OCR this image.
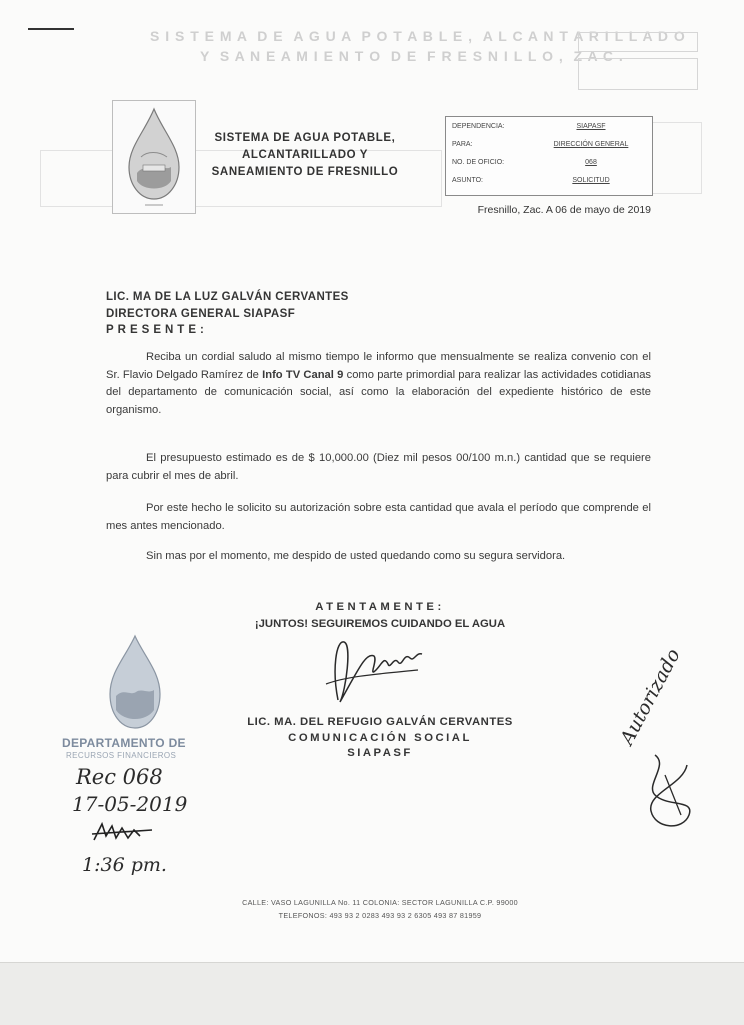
S I S T E M A  D E  A G U A  P O T A B L E ,  A L C A N T A R I L L A D O
Y  S A N E A M I E N T O  D E  F R E S N I L L O ,  Z A C .
SISTEMA DE AGUA POTABLE,
ALCANTARILLADO Y
SANEAMIENTO DE FRESNILLO
DEPENDENCIA:	SIAPASF
PARA:	DIRECCIÓN GENERAL
NO. DE OFICIO:	068
ASUNTO:	SOLICITUD
Fresnillo, Zac. A 06 de mayo de 2019
LIC. MA DE LA LUZ GALVÁN CERVANTES
DIRECTORA GENERAL SIAPASF
PRESENTE:
Reciba un cordial saludo al mismo tiempo le informo que mensualmente se realiza convenio con el Sr. Flavio Delgado Ramírez de Info TV Canal 9 como parte primordial para realizar las actividades cotidianas del departamento de comunicación social, así como la elaboración del expediente histórico de este organismo.
El presupuesto estimado es de $ 10,000.00 (Diez mil pesos 00/100 m.n.) cantidad que se requiere para cubrir el mes de abril.
Por este hecho le solicito su autorización sobre esta cantidad que avala el período que comprende el mes antes mencionado.
Sin mas por el momento, me despido de usted quedando como su segura servidora.
ATENTAMENTE:
¡JUNTOS! SEGUIREMOS CUIDANDO EL AGUA
LIC. MA. DEL REFUGIO GALVÁN CERVANTES
COMUNICACIÓN SOCIAL
SIAPASF
DEPARTAMENTO DE
RECURSOS FINANCIEROS
Rec 068
17-05-2019
1:36 pm.
Autorizado
CALLE: VASO LAGUNILLA No. 11 COLONIA: SECTOR LAGUNILLA C.P. 99000
TELEFONOS: 493 93 2 0283 493 93 2 6305 493 87 81959
